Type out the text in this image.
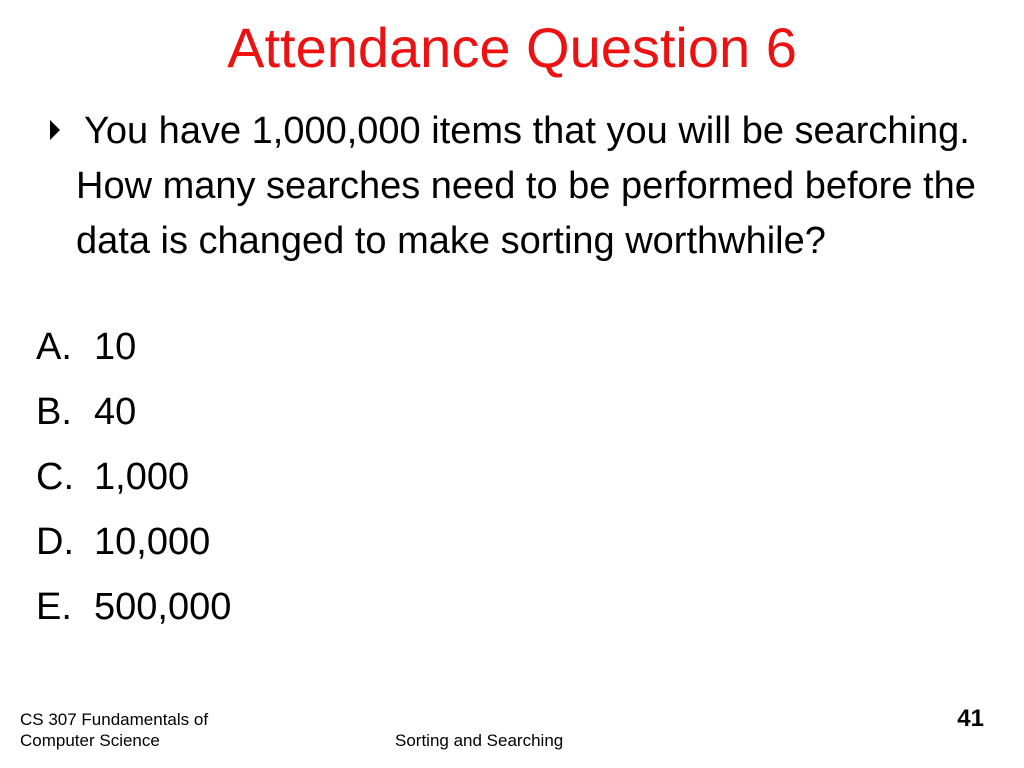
Attendance Question 6
You have 1,000,000 items that you will be searching. How many searches need to be performed before the data is changed to make sorting worthwhile?
A. 10
B. 40
C. 1,000
D. 10,000
E. 500,000
CS 307 Fundamentals of
Computer Science	Sorting and Searching
41
